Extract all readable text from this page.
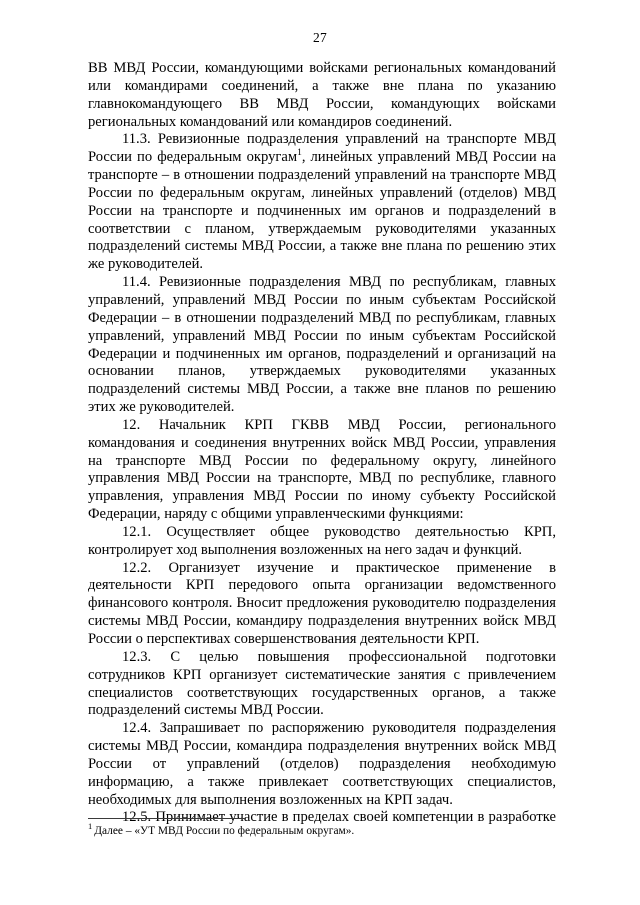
27

ВВ МВД России, командующими войсками региональных командований или командирами соединений, а также вне плана по указанию главнокомандующего ВВ МВД России, командующих войсками региональных командований или командиров соединений.

11.3. Ревизионные подразделения управлений на транспорте МВД России по федеральным округам$^1$, линейных управлений МВД России на транспорте – в отношении подразделений управлений на транспорте МВД России по федеральным округам, линейных управлений (отделов) МВД России на транспорте и подчиненных им органов и подразделений в соответствии с планом, утверждаемым руководителями указанных подразделений системы МВД России, а также вне плана по решению этих же руководителей.

11.4. Ревизионные подразделения МВД по республикам, главных управлений, управлений МВД России по иным субъектам Российской Федерации – в отношении подразделений МВД по республикам, главных управлений, управлений МВД России по иным субъектам Российской Федерации и подчиненных им органов, подразделений и организаций на основании планов, утверждаемых руководителями указанных подразделений системы МВД России, а также вне планов по решению этих же руководителей.

12. Начальник КРП ГКВВ МВД России, регионального командования и соединения внутренних войск МВД России, управления на транспорте МВД России по федеральному округу, линейного управления МВД России на транспорте, МВД по республике, главного управления, управления МВД России по иному субъекту Российской Федерации, наряду с общими управленческими функциями:

12.1. Осуществляет общее руководство деятельностью КРП, контролирует ход выполнения возложенных на него задач и функций.

12.2. Организует изучение и практическое применение в деятельности КРП передового опыта организации ведомственного финансового контроля. Вносит предложения руководителю подразделения системы МВД России, командиру подразделения внутренних войск МВД России о перспективах совершенствования деятельности КРП.

12.3. С целью повышения профессиональной подготовки сотрудников КРП организует систематические занятия с привлечением специалистов соответствующих государственных органов, а также подразделений системы МВД России.

12.4. Запрашивает по распоряжению руководителя подразделения системы МВД России, командира подразделения внутренних войск МВД России от управлений (отделов) подразделения необходимую информацию, а также привлекает соответствующих специалистов, необходимых для выполнения возложенных на КРП задач.

12.5. Принимает участие в пределах своей компетенции в разработке

$^1$ Далее – «УТ МВД России по федеральным округам».
